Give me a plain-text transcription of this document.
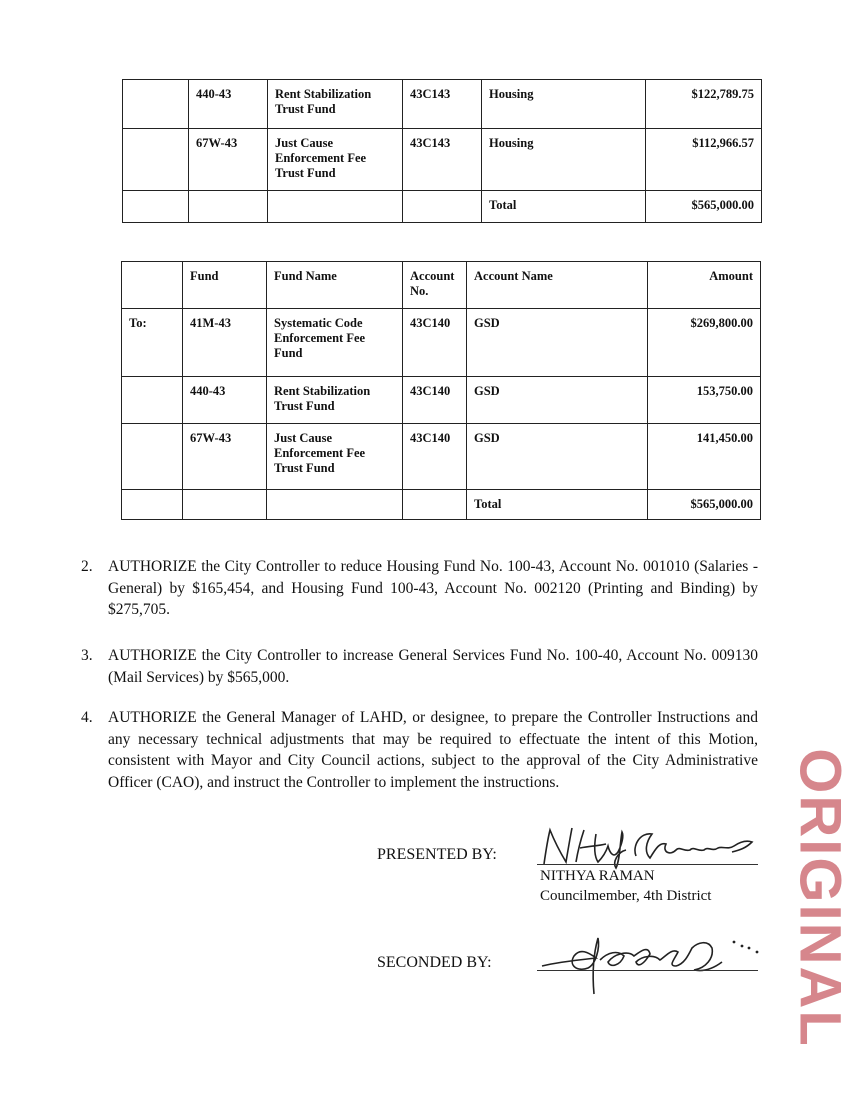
	440-43	Rent Stabilization Trust Fund	43C143	Housing	$122,789.75
	67W-43	Just Cause Enforcement Fee Trust Fund	43C143	Housing	$112,966.57
				Total	$565,000.00
	Fund	Fund Name	Account No.	Account Name	Amount
To:	41M-43	Systematic Code Enforcement Fee Fund	43C140	GSD	$269,800.00
	440-43	Rent Stabilization Trust Fund	43C140	GSD	153,750.00
	67W-43	Just Cause Enforcement Fee Trust Fund	43C140	GSD	141,450.00
				Total	$565,000.00
2. AUTHORIZE the City Controller to reduce Housing Fund No. 100-43, Account No. 001010 (Salaries - General) by $165,454, and Housing Fund 100-43, Account No. 002120 (Printing and Binding) by $275,705.
3. AUTHORIZE the City Controller to increase General Services Fund No. 100-40, Account No. 009130 (Mail Services) by $565,000.
4. AUTHORIZE the General Manager of LAHD, or designee, to prepare the Controller Instructions and any necessary technical adjustments that may be required to effectuate the intent of this Motion, consistent with Mayor and City Council actions, subject to the approval of the City Administrative Officer (CAO), and instruct the Controller to implement the instructions.
PRESENTED BY:
NITHYA RAMAN
Councilmember, 4th District
SECONDED BY:	ORIGINAL
